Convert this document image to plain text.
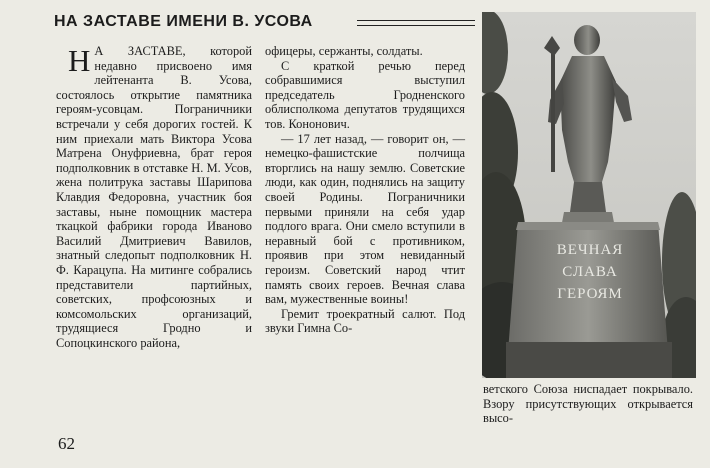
НА ЗАСТАВЕ ИМЕНИ В. УСОВА
Н А ЗАСТАВЕ, которой недавно присвоено имя лейтенанта В. Усова, состоялось открытие памятника героям-усовцам. Пограничники встречали у себя дорогих гостей. К ним приехали мать Виктора Усова Матрена Онуфриевна, брат героя подполковник в отставке Н. М. Усов, жена политрука заставы Шарипова Клавдия Федоровна, участник боя заставы, ныне помощник мастера ткацкой фабрики города Иваново Василий Дмитриевич Вавилов, знатный следопыт подполковник Н. Ф. Карацупа. На митинге собрались представители партийных, советских, профсоюзных и комсомольских организаций, трудящиеся Гродно и Сопоцкинского района,

офицеры, сержанты, солдаты.

С краткой речью перед собравшимися выступил председатель Гродненского облисполкома депутатов трудящихся тов. Кононович.

— 17 лет назад, — говорит он, — немецко-фашистские полчища вторглись на нашу землю. Советские люди, как один, поднялись на защиту своей Родины. Пограничники первыми приняли на себя удар подлого врага. Они смело вступили в неравный бой с противником, проявив при этом невиданный героизм. Советский народ чтит память своих героев. Вечная слава вам, мужественные воины!

Гремит троекратный салют. Под звуки Гимна Со-

ВЕЧНАЯ
СЛАВА
ГЕРОЯМ

ветского Союза ниспадает покрывало. Взору присутствующих открывается высо-

62
